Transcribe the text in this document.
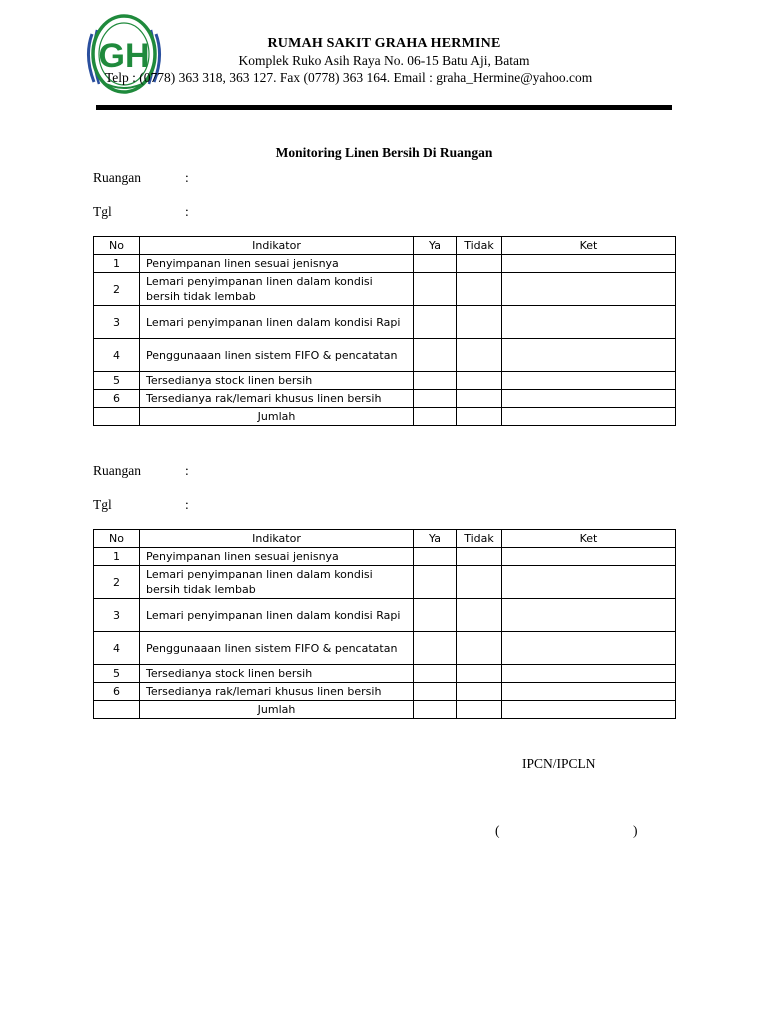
GH	RUMAH SAKIT GRAHA HERMINE
Komplek Ruko Asih Raya No. 06-15 Batu Aji, Batam
Telp : (0778) 363 318, 363 127. Fax (0778) 363 164. Email : graha_Hermine@yahoo.com
Monitoring Linen Bersih Di Ruangan
Ruangan	:
Tgl	:
No	Indikator	Ya	Tidak	Ket
1	Penyimpanan linen sesuai jenisnya			
2	Lemari penyimpanan linen dalam kondisi bersih tidak lembab			
3	Lemari penyimpanan linen dalam kondisi Rapi			
4	Penggunaaan linen sistem FIFO & pencatatan			
5	Tersedianya stock linen bersih			
6	Tersedianya rak/lemari khusus linen bersih			
	Jumlah			
Ruangan	:
Tgl	:
No	Indikator	Ya	Tidak	Ket
1	Penyimpanan linen sesuai jenisnya			
2	Lemari penyimpanan linen dalam kondisi bersih tidak lembab			
3	Lemari penyimpanan linen dalam kondisi Rapi			
4	Penggunaaan linen sistem FIFO & pencatatan			
5	Tersedianya stock linen bersih			
6	Tersedianya rak/lemari khusus linen bersih			
	Jumlah			
IPCN/IPCLN
(	)
